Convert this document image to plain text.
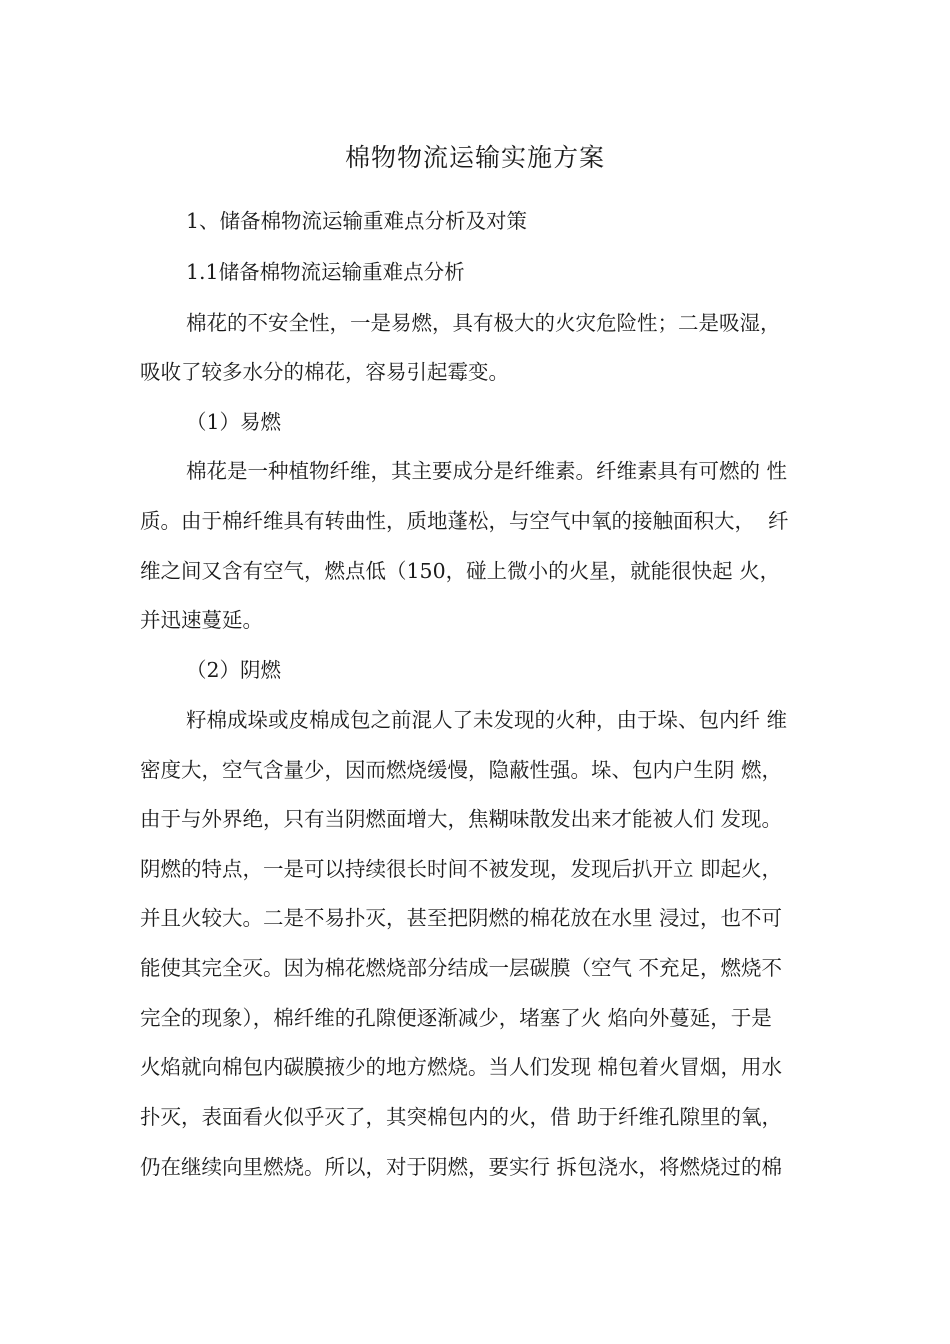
棉物物流运输实施方案
1、储备棉物流运输重难点分析及对策
1.1储备棉物流运输重难点分析
棉花的不安全性，一是易燃，具有极大的火灾危险性；二是吸湿，
吸收了较多水分的棉花，容易引起霉变。
（1）易燃
棉花是一种植物纤维，其主要成分是纤维素。纤维素具有可燃的 性
质。由于棉纤维具有转曲性，质地蓬松，与空气中氧的接触面积大，  纤
维之间又含有空气，燃点低（150，碰上微小的火星，就能很快起 火，
并迅速蔓延。
（2）阴燃
籽棉成垛或皮棉成包之前混人了未发现的火种，由于垛、包内纤 维
密度大，空气含量少，因而燃烧缓慢，隐蔽性强。垛、包内户生阴 燃，
由于与外界绝，只有当阴燃面增大，焦糊味散发出来才能被人们 发现。
阴燃的特点，一是可以持续很长时间不被发现，发现后扒开立 即起火，
并且火较大。二是不易扑灭，甚至把阴燃的棉花放在水里 浸过，也不可
能使其完全灭。因为棉花燃烧部分结成一层碳膜（空气 不充足，燃烧不
完全的现象），棉纤维的孔隙便逐渐减少，堵塞了火 焰向外蔓延，于是
火焰就向棉包内碳膜掖少的地方燃烧。当人们发现 棉包着火冒烟，用水
扑灭，表面看火似乎灭了，其突棉包内的火，借 助于纤维孔隙里的氧，
仍在继续向里燃烧。所以，对于阴燃，要实行 拆包浇水，将燃烧过的棉
